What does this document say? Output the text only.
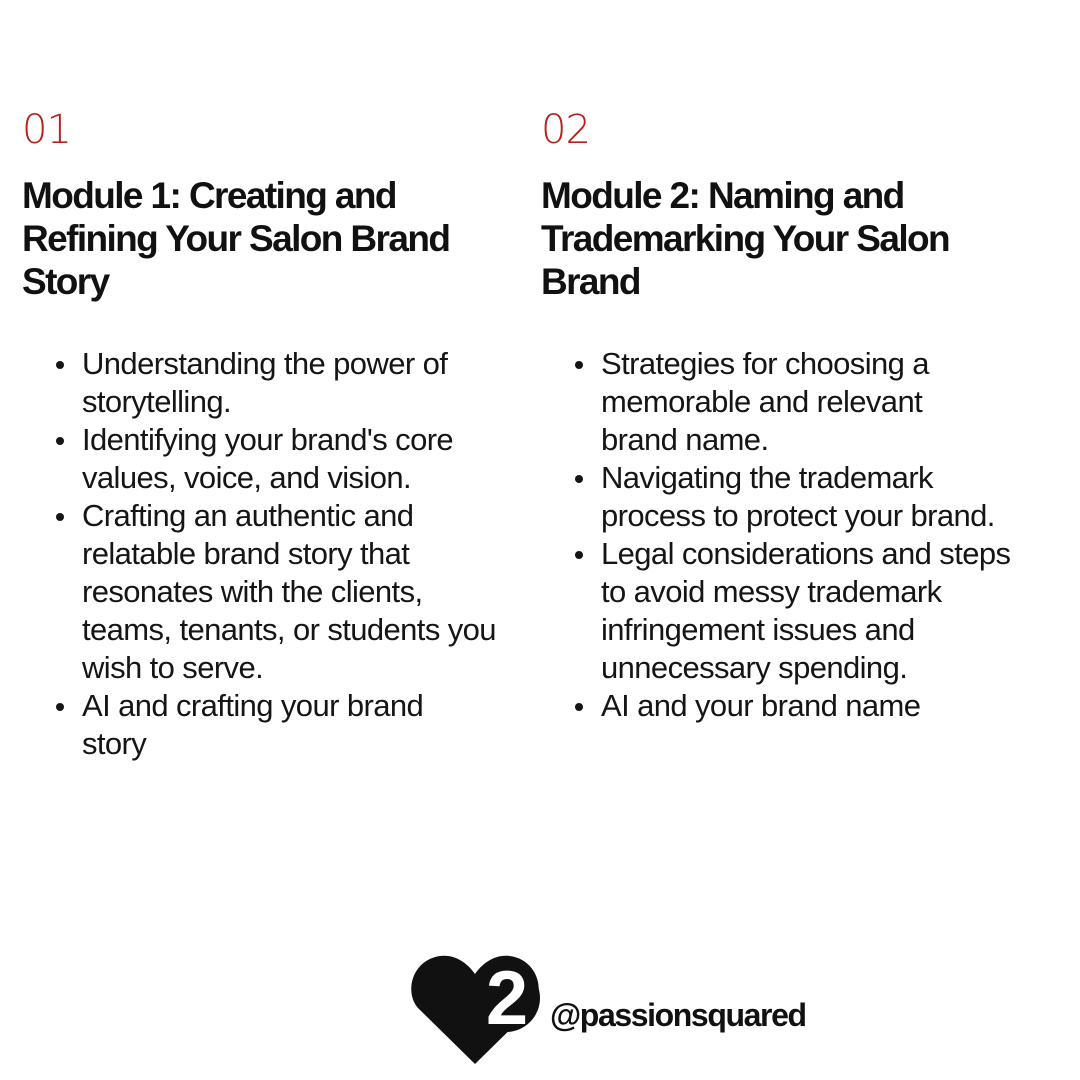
01
Module 1: Creating and
Refining Your Salon Brand
Story
Understanding the power of
storytelling.
Identifying your brand's core
values, voice, and vision.
Crafting an authentic and
relatable brand story that
resonates with the clients,
teams, tenants, or students you
wish to serve.
AI and crafting your brand
story
02
Module 2: Naming and
Trademarking Your Salon
Brand
Strategies for choosing a
memorable and relevant
brand name.
Navigating the trademark
process to protect your brand.
Legal considerations and steps
to avoid messy trademark
infringement issues and
unnecessary spending.
AI and your brand name
2 @passionsquared
